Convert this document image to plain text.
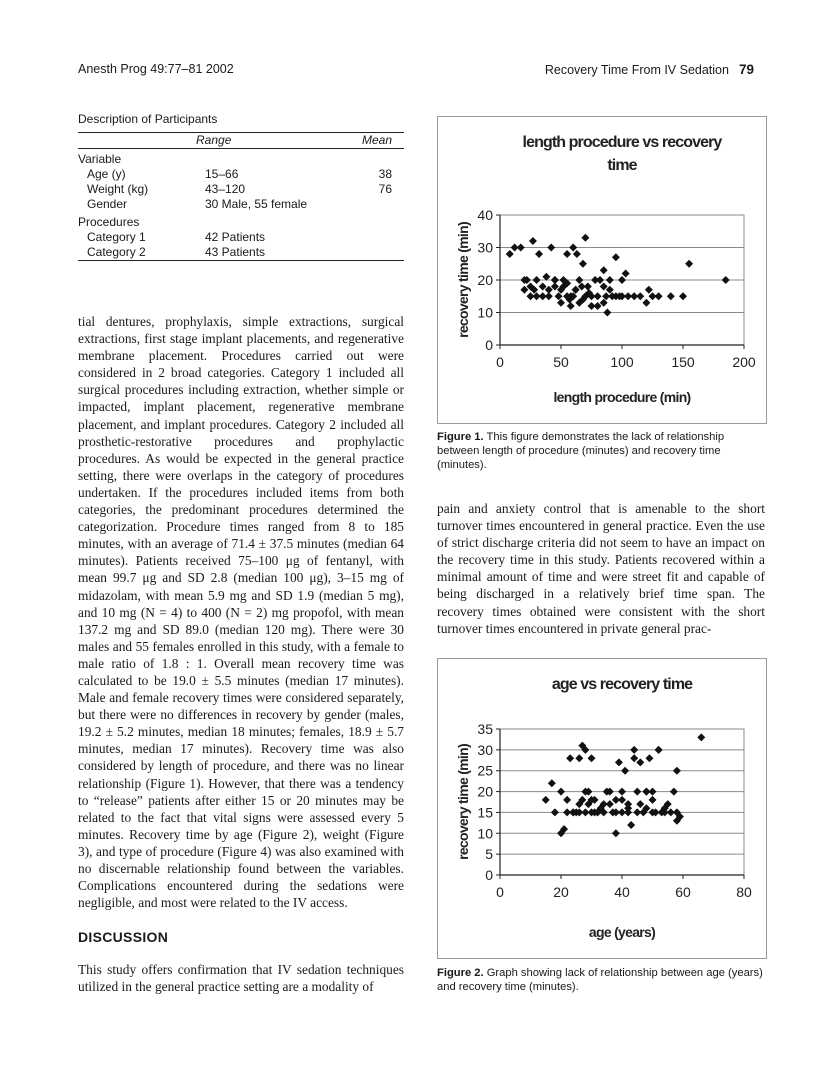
Anesth Prog 49:77–81 2002	Recovery Time From IV Sedation 79
Description of Participants
	Range	Mean
Variable		
Age (y)	15–66	38
Weight (kg)	43–120	76
Gender	30 Male, 55 female	
Procedures		
Category 1	42 Patients	
Category 2	43 Patients	
tial dentures, prophylaxis, simple extractions, surgical extractions, first stage implant placements, and regenerative membrane placement. Procedures carried out were considered in 2 broad categories. Category 1 included all surgical procedures including extraction, whether simple or impacted, implant placement, regenerative membrane placement, and implant procedures. Category 2 included all prosthetic-restorative procedures and prophylactic procedures. As would be expected in the general practice setting, there were overlaps in the category of procedures undertaken. If the procedures included items from both categories, the predominant procedures determined the categorization. Procedure times ranged from 8 to 185 minutes, with an average of 71.4 ± 37.5 minutes (median 64 minutes). Patients received 75–100 μg of fentanyl, with mean 99.7 μg and SD 2.8 (median 100 μg), 3–15 mg of midazolam, with mean 5.9 mg and SD 1.9 (median 5 mg), and 10 mg (N = 4) to 400 (N = 2) mg propofol, with mean 137.2 mg and SD 89.0 (median 120 mg). There were 30 males and 55 females enrolled in this study, with a female to male ratio of 1.8 : 1. Overall mean recovery time was calculated to be 19.0 ± 5.5 minutes (median 17 minutes). Male and female recovery times were considered separately, but there were no differences in recovery by gender (males, 19.2 ± 5.2 minutes, median 18 minutes; females, 18.9 ± 5.7 minutes, median 17 minutes). Recovery time was also considered by length of procedure, and there was no linear relationship (Figure 1). However, that there was a tendency to “release” patients after either 15 or 20 minutes may be related to the fact that vital signs were assessed every 5 minutes. Recovery time by age (Figure 2), weight (Figure 3), and type of procedure (Figure 4) was also examined with no discernable relationship found between the variables. Complications encountered during the sedations were negligible, and most were related to the IV access.
DISCUSSION
This study offers confirmation that IV sedation techniques utilized in the general practice setting are a modality of
length procedure vs recovery
time
0
10
20
30
40
0	50	100	150	200
length procedure (min)
recovery time (min)
Figure 1. This figure demonstrates the lack of relationship between length of procedure (minutes) and recovery time (minutes).
pain and anxiety control that is amenable to the short turnover times encountered in general practice. Even the use of strict discharge criteria did not seem to have an impact on the recovery time in this study. Patients recovered within a minimal amount of time and were street fit and capable of being discharged in a relatively brief time span. The recovery times obtained were consistent with the short turnover times encountered in private general prac-
age vs recovery time
0
5
10
15
20
25
30
35
0	20	40	60	80
age (years)
recovery time (min)
Figure 2. Graph showing lack of relationship between age (years) and recovery time (minutes).
